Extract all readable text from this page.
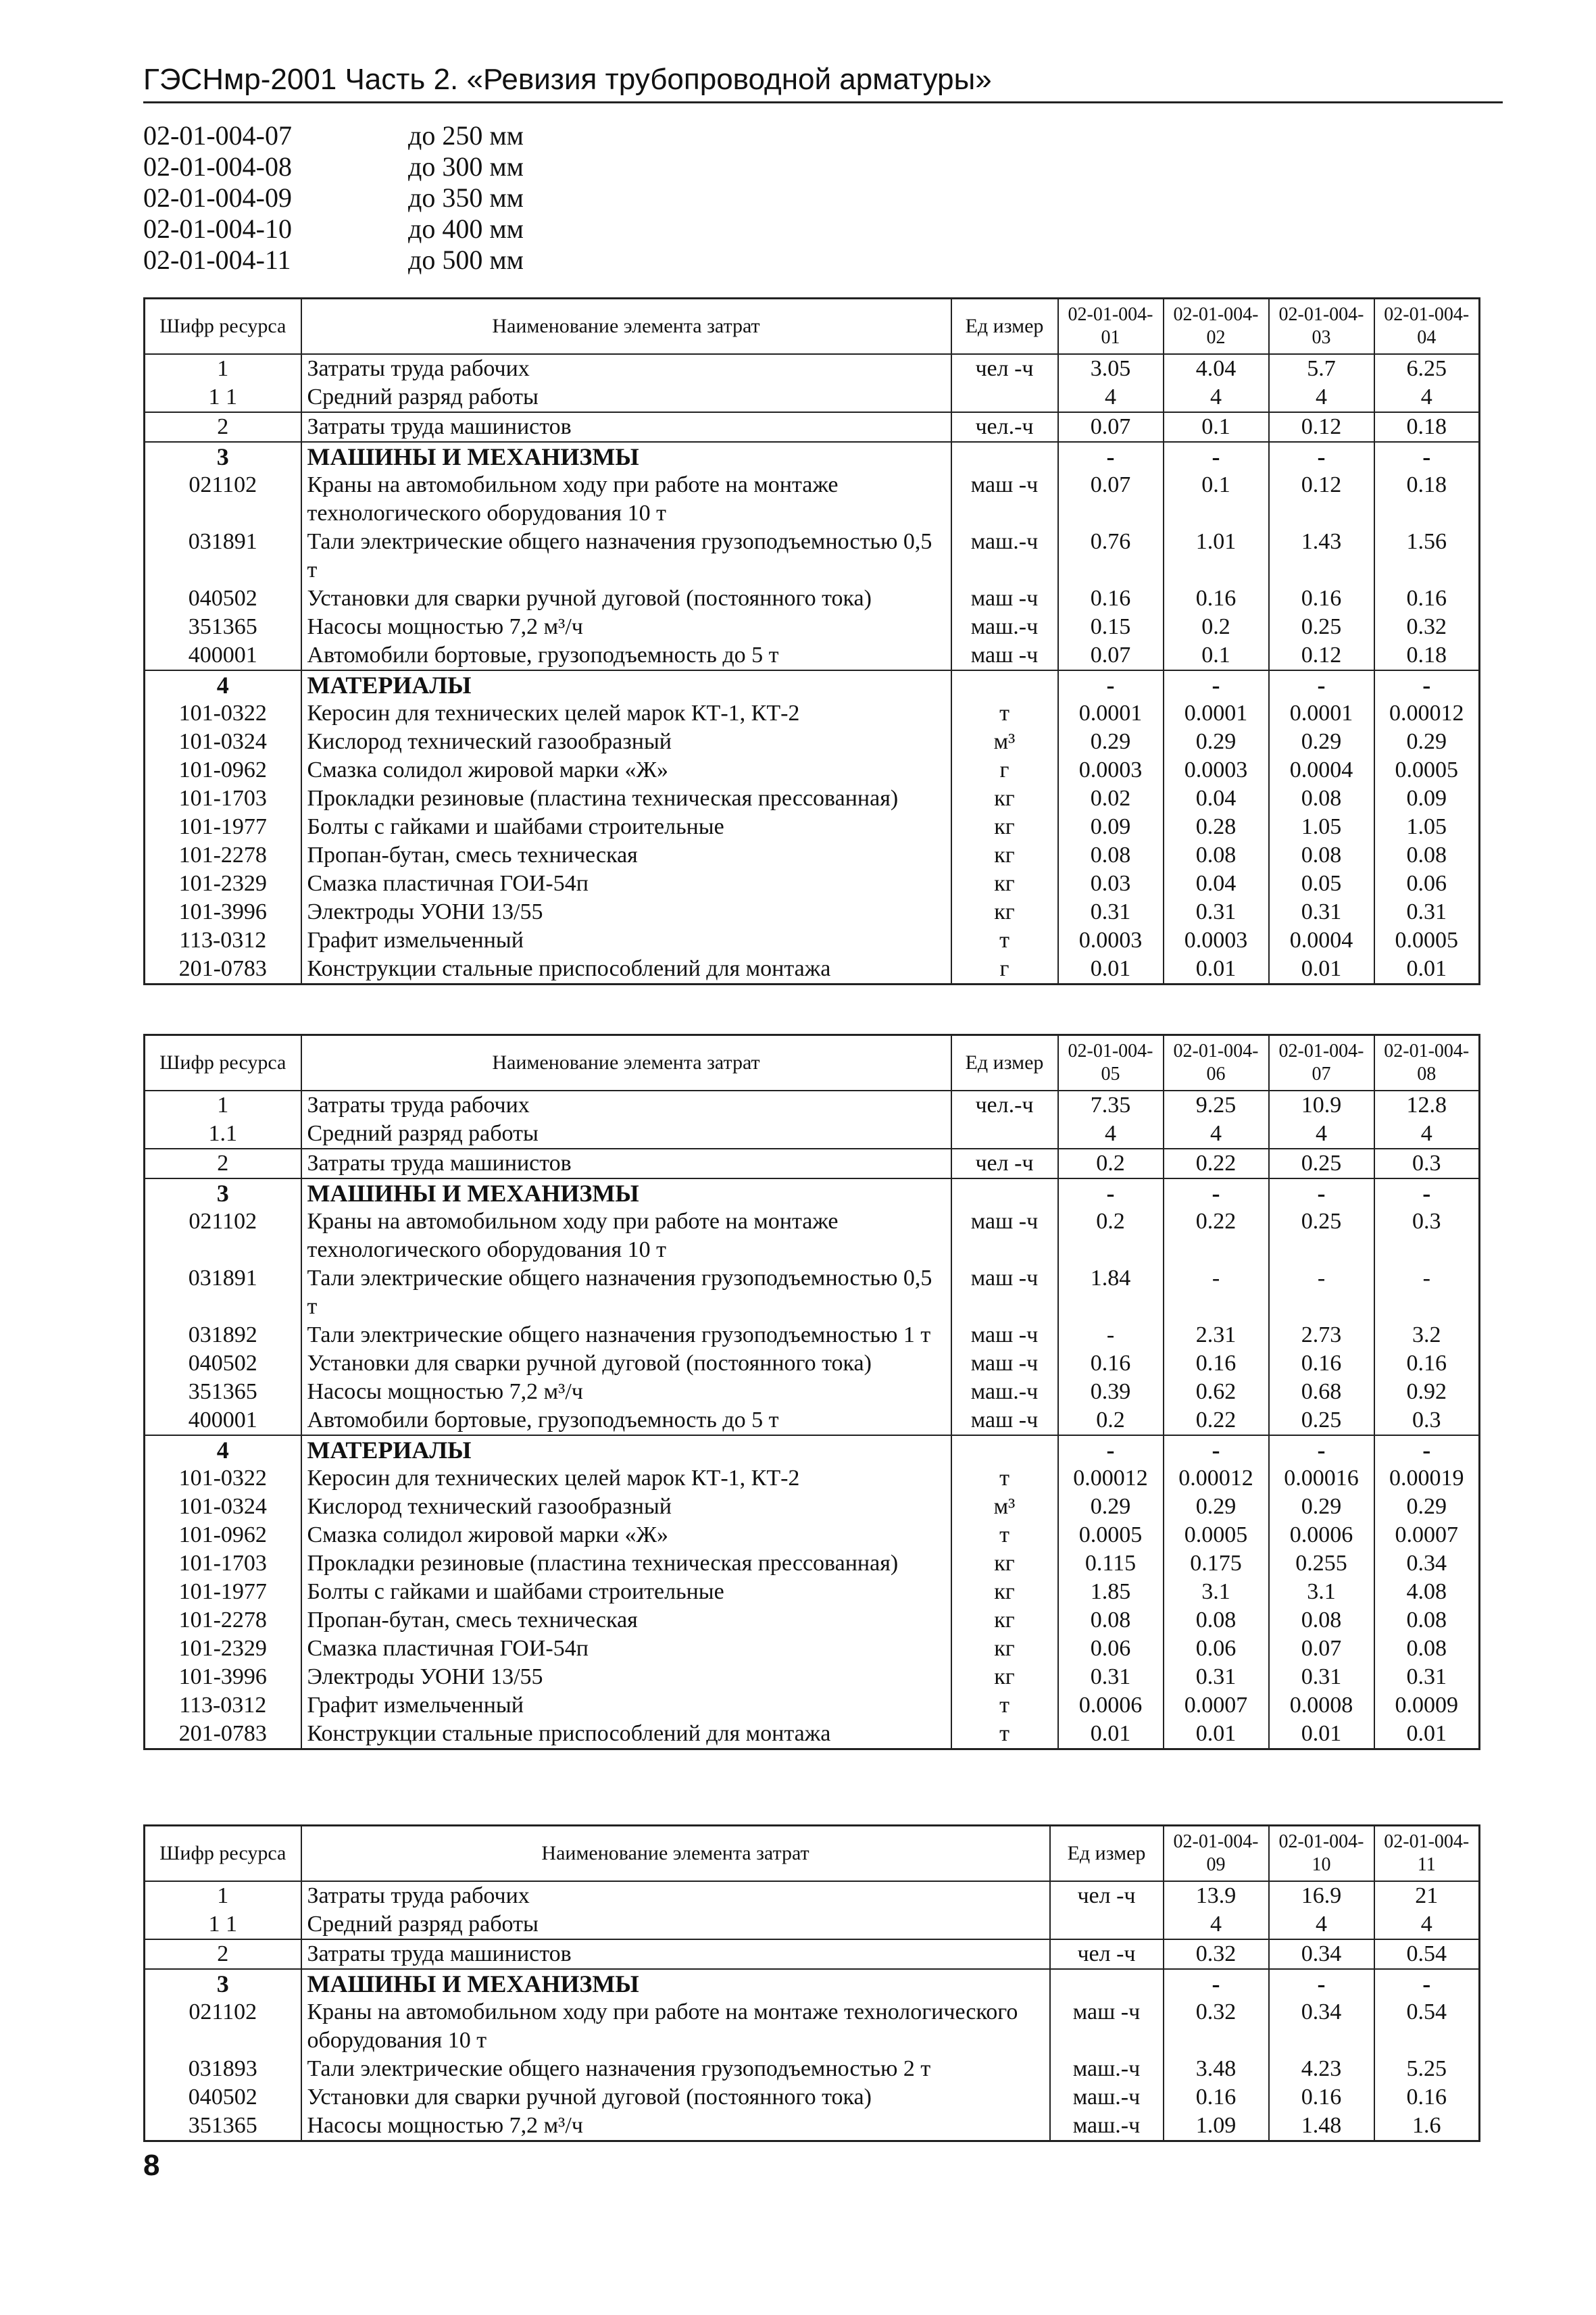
ГЭСНмр-2001 Часть 2. «Ревизия трубопроводной арматуры»
02-01-004-07	до 250 мм
02-01-004-08	до 300 мм
02-01-004-09	до 350 мм
02-01-004-10	до 400 мм
02-01-004-11	до 500 мм
Шифр ресурса	Наименование элемента затрат	Ед измер	02-01-004-01	02-01-004-02	02-01-004-03	02-01-004-04
1	Затраты труда рабочих	чел -ч	3.05	4.04	5.7	6.25
1 1	Средний разряд работы		4	4	4	4
2	Затраты труда машинистов	чел.-ч	0.07	0.1	0.12	0.18
3	МАШИНЫ И МЕХАНИЗМЫ		-	-	-	-
021102	Краны на автомобильном ходу при работе на монтаже технологического оборудования 10 т	маш -ч	0.07	0.1	0.12	0.18
031891	Тали электрические общего назначения грузоподъемностью 0,5 т	маш.-ч	0.76	1.01	1.43	1.56
040502	Установки для сварки ручной дуговой (постоянного тока)	маш -ч	0.16	0.16	0.16	0.16
351365	Насосы мощностью 7,2 м³/ч	маш.-ч	0.15	0.2	0.25	0.32
400001	Автомобили бортовые, грузоподъемность до 5 т	маш -ч	0.07	0.1	0.12	0.18
4	МАТЕРИАЛЫ		-	-	-	-
101-0322	Керосин для технических целей марок КТ-1, КТ-2	т	0.0001	0.0001	0.0001	0.00012
101-0324	Кислород технический газообразный	м³	0.29	0.29	0.29	0.29
101-0962	Смазка солидол жировой марки «Ж»	г	0.0003	0.0003	0.0004	0.0005
101-1703	Прокладки резиновые (пластина техническая прессованная)	кг	0.02	0.04	0.08	0.09
101-1977	Болты с гайками и шайбами строительные	кг	0.09	0.28	1.05	1.05
101-2278	Пропан-бутан, смесь техническая	кг	0.08	0.08	0.08	0.08
101-2329	Смазка пластичная ГОИ-54п	кг	0.03	0.04	0.05	0.06
101-3996	Электроды УОНИ 13/55	кг	0.31	0.31	0.31	0.31
113-0312	Графит измельченный	т	0.0003	0.0003	0.0004	0.0005
201-0783	Конструкции стальные приспособлений для монтажа	г	0.01	0.01	0.01	0.01
Шифр ресурса	Наименование элемента затрат	Ед измер	02-01-004-05	02-01-004-06	02-01-004-07	02-01-004-08
1	Затраты труда рабочих	чел.-ч	7.35	9.25	10.9	12.8
1.1	Средний разряд работы		4	4	4	4
2	Затраты труда машинистов	чел -ч	0.2	0.22	0.25	0.3
3	МАШИНЫ И МЕХАНИЗМЫ		-	-	-	-
021102	Краны на автомобильном ходу при работе на монтаже технологического оборудования 10 т	маш -ч	0.2	0.22	0.25	0.3
031891	Тали электрические общего назначения грузоподъемностью 0,5 т	маш -ч	1.84	-	-	-
031892	Тали электрические общего назначения грузоподъемностью 1 т	маш -ч	-	2.31	2.73	3.2
040502	Установки для сварки ручной дуговой (постоянного тока)	маш -ч	0.16	0.16	0.16	0.16
351365	Насосы мощностью 7,2 м³/ч	маш.-ч	0.39	0.62	0.68	0.92
400001	Автомобили бортовые, грузоподъемность до 5 т	маш -ч	0.2	0.22	0.25	0.3
4	МАТЕРИАЛЫ		-	-	-	-
101-0322	Керосин для технических целей марок КТ-1, КТ-2	т	0.00012	0.00012	0.00016	0.00019
101-0324	Кислород технический газообразный	м³	0.29	0.29	0.29	0.29
101-0962	Смазка солидол жировой марки «Ж»	т	0.0005	0.0005	0.0006	0.0007
101-1703	Прокладки резиновые (пластина техническая прессованная)	кг	0.115	0.175	0.255	0.34
101-1977	Болты с гайками и шайбами строительные	кг	1.85	3.1	3.1	4.08
101-2278	Пропан-бутан, смесь техническая	кг	0.08	0.08	0.08	0.08
101-2329	Смазка пластичная ГОИ-54п	кг	0.06	0.06	0.07	0.08
101-3996	Электроды УОНИ 13/55	кг	0.31	0.31	0.31	0.31
113-0312	Графит измельченный	т	0.0006	0.0007	0.0008	0.0009
201-0783	Конструкции стальные приспособлений для монтажа	т	0.01	0.01	0.01	0.01
Шифр ресурса	Наименование элемента затрат	Ед измер	02-01-004-09	02-01-004-10	02-01-004-11
1	Затраты труда рабочих	чел -ч	13.9	16.9	21
1 1	Средний разряд работы		4	4	4
2	Затраты труда машинистов	чел -ч	0.32	0.34	0.54
3	МАШИНЫ И МЕХАНИЗМЫ		-	-	-
021102	Краны на автомобильном ходу при работе на монтаже технологического оборудования 10 т	маш -ч	0.32	0.34	0.54
031893	Тали электрические общего назначения грузоподъемностью 2 т	маш.-ч	3.48	4.23	5.25
040502	Установки для сварки ручной дуговой (постоянного тока)	маш.-ч	0.16	0.16	0.16
351365	Насосы мощностью 7,2 м³/ч	маш.-ч	1.09	1.48	1.6
8
